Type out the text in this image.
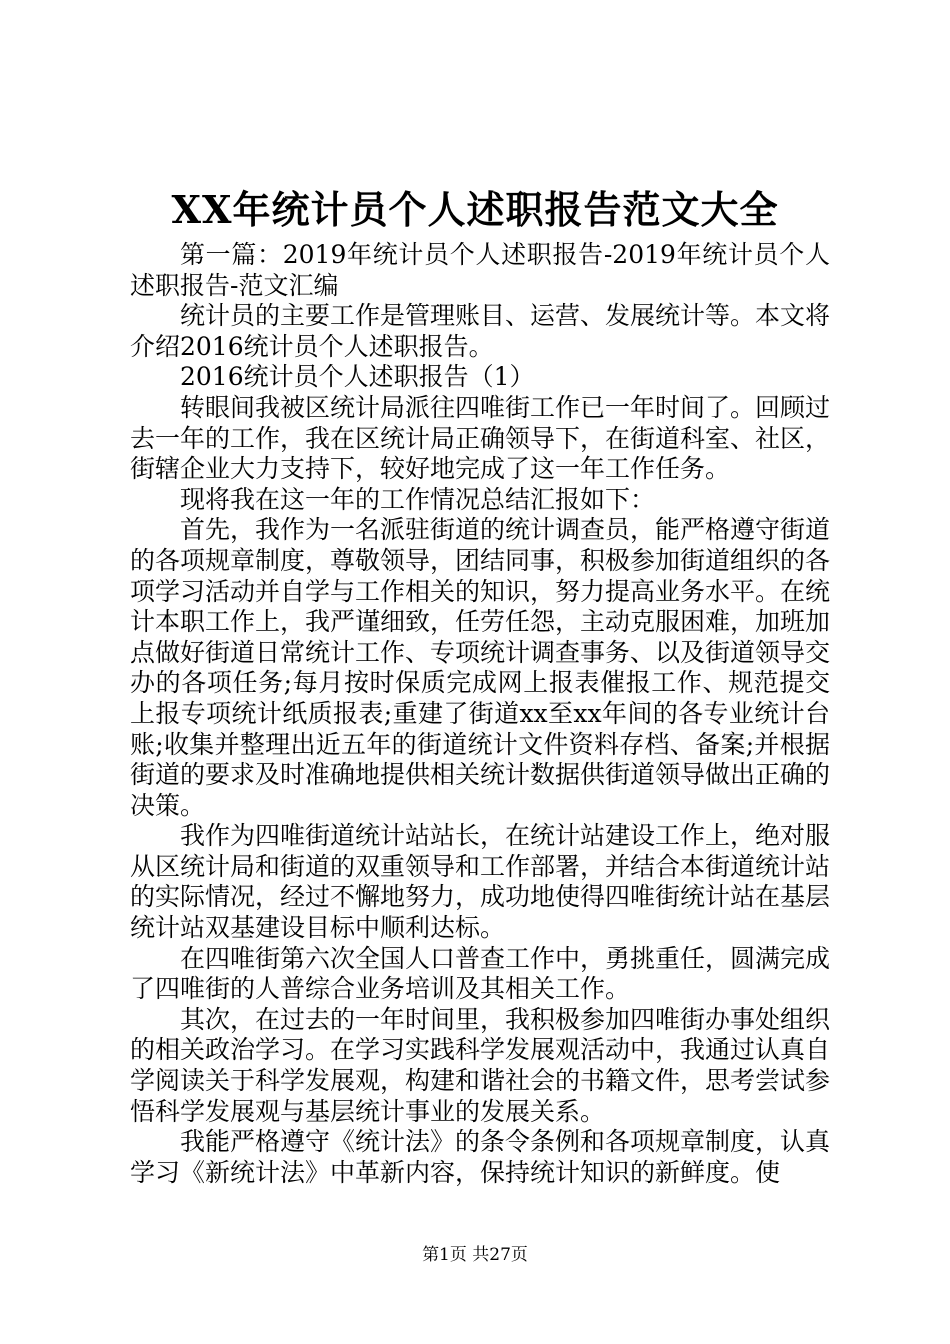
XX年统计员个人述职报告范文大全

第一篇：2019年统计员个人述职报告-2019年统计员个人述职报告-范文汇编

统计员的主要工作是管理账目、运营、发展统计等。本文将介绍2016统计员个人述职报告。

2016统计员个人述职报告（1）

转眼间我被区统计局派往四唯街工作已一年时间了。回顾过去一年的工作，我在区统计局正确领导下，在街道科室、社区，街辖企业大力支持下，较好地完成了这一年工作任务。

现将我在这一年的工作情况总结汇报如下：

首先，我作为一名派驻街道的统计调查员，能严格遵守街道的各项规章制度，尊敬领导，团结同事，积极参加街道组织的各项学习活动并自学与工作相关的知识，努力提高业务水平。在统计本职工作上，我严谨细致，任劳任怨，主动克服困难，加班加点做好街道日常统计工作、专项统计调查事务、以及街道领导交办的各项任务;每月按时保质完成网上报表催报工作、规范提交上报专项统计纸质报表;重建了街道xx至xx年间的各专业统计台账;收集并整理出近五年的街道统计文件资料存档、备案;并根据街道的要求及时准确地提供相关统计数据供街道领导做出正确的决策。

我作为四唯街道统计站站长，在统计站建设工作上，绝对服从区统计局和街道的双重领导和工作部署，并结合本街道统计站的实际情况，经过不懈地努力，成功地使得四唯街统计站在基层统计站双基建设目标中顺利达标。

在四唯街第六次全国人口普查工作中，勇挑重任，圆满完成了四唯街的人普综合业务培训及其相关工作。

其次，在过去的一年时间里，我积极参加四唯街办事处组织的相关政治学习。在学习实践科学发展观活动中，我通过认真自学阅读关于科学发展观，构建和谐社会的书籍文件，思考尝试参悟科学发展观与基层统计事业的发展关系。

我能严格遵守《统计法》的条令条例和各项规章制度，认真学习《新统计法》中革新内容，保持统计知识的新鲜度。使

第1页 共27页
